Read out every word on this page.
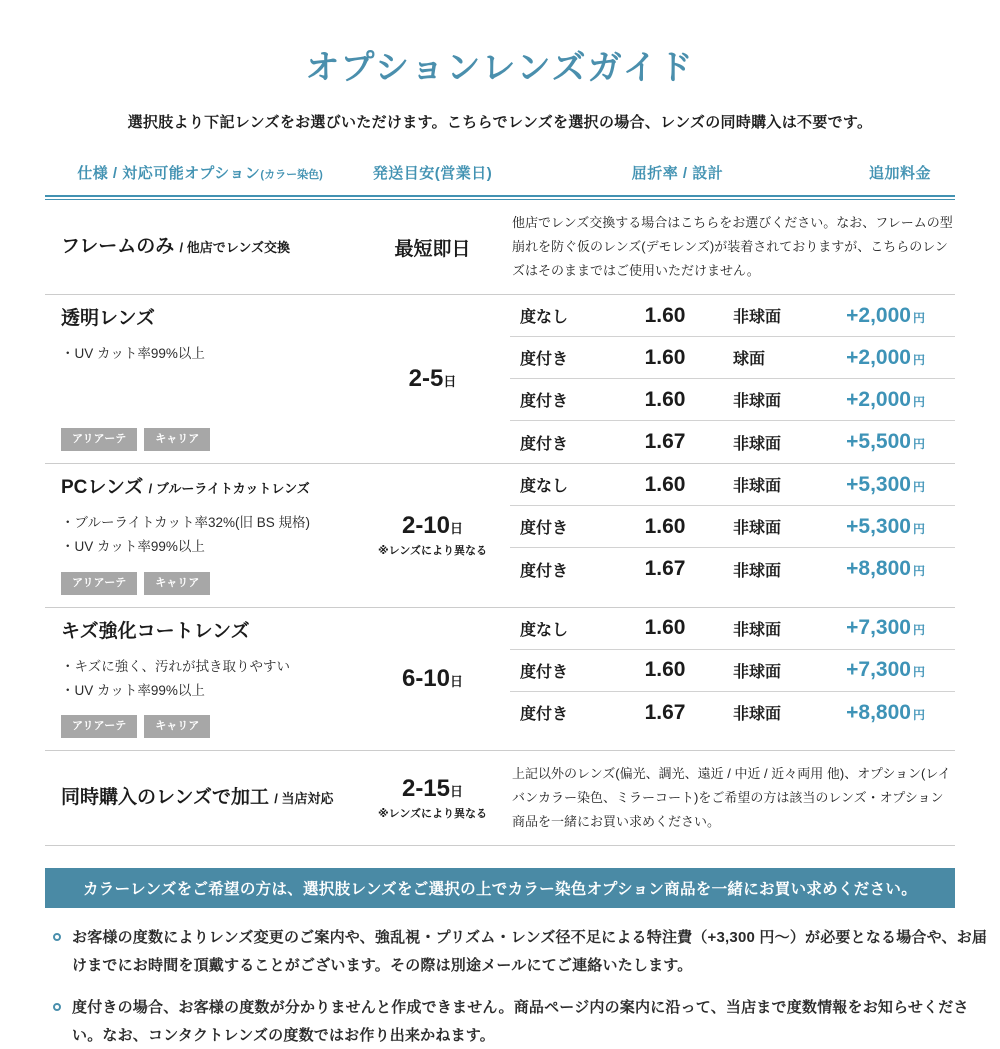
オプションレンズガイド

選択肢より下記レンズをお選びいただけます。こちらでレンズを選択の場合、レンズの同時購入は不要です。

仕様 / 対応可能オプション(カラー染色)	発送目安(営業日)	屈折率 / 設計	追加料金
フレームのみ / 他店でレンズ交換	最短即日
他店でレンズ交換する場合はこちらをお選びください。なお、フレームの型崩れを防ぐ仮のレンズ(デモレンズ)が装着されておりますが、こちらのレンズはそのままではご使用いただけません。
透明レンズ
・UV カット率99%以上
アリアーテ	キャリア
2-5日
度なし	1.60	非球面	+2,000 円
度付き	1.60	球面	+2,000 円
度付き	1.60	非球面	+2,000 円
度付き	1.67	非球面	+5,500 円
PCレンズ / ブルーライトカットレンズ
・ブルーライトカット率32%(旧 BS 規格)
・UV カット率99%以上
アリアーテ	キャリア
2-10日
※レンズにより異なる
度なし	1.60	非球面	+5,300 円
度付き	1.60	非球面	+5,300 円
度付き	1.67	非球面	+8,800 円
キズ強化コートレンズ
・キズに強く、汚れが拭き取りやすい
・UV カット率99%以上
アリアーテ	キャリア
6-10日
度なし	1.60	非球面	+7,300 円
度付き	1.60	非球面	+7,300 円
度付き	1.67	非球面	+8,800 円
同時購入のレンズで加工 / 当店対応	2-15日
※レンズにより異なる
上記以外のレンズ(偏光、調光、遠近 / 中近 / 近々両用 他)、オプション(レイバンカラー染色、ミラーコート)をご希望の方は該当のレンズ・オプション商品を一緒にお買い求めください。
カラーレンズをご希望の方は、選択肢レンズをご選択の上でカラー染色オプション商品を一緒にお買い求めください。
お客様の度数によりレンズ変更のご案内や、強乱視・プリズム・レンズ径不足による特注費（+3,300 円〜）が必要となる場合や、お届けまでにお時間を頂戴することがございます。その際は別途メールにてご連絡いたします。
度付きの場合、お客様の度数が分かりませんと作成できません。商品ページ内の案内に沿って、当店まで度数情報をお知らせください。なお、コンタクトレンズの度数ではお作り出来かねます。
